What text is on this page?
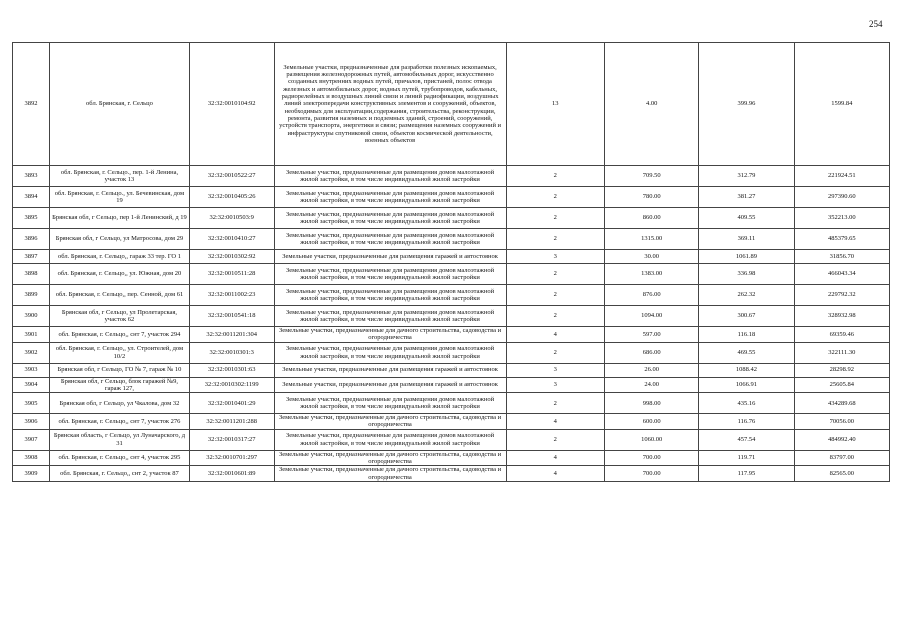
254
3892	обл. Брянская, г. Сельцо	32:32:0010104:92	Земельные участки, предназначенные для разработки полезных ископаемых, размещения железнодорожных путей, автомобильных дорог, искусственно созданных внутренних водных путей, причалов, пристаней, полос отвода железных и автомобильных дорог, водных путей, трубопроводов, кабельных, радиорелейных и воздушных линий связи и линий радиофикации, воздушных линий электропередачи конструктивных элементов и сооружений, объектов, необходимых для эксплуатации,содержания, строительства, реконструкции, ремонта, развития наземных и подземных зданий, строений, сооружений, устройств транспорта, энергетики и связи; размещения наземных сооружений и инфраструктуры спутниковой связи, объектов космической деятельности, военных объектов	13	4.00	399.96	1599.84
3893	обл. Брянская, г. Сельцо., пер. 1-й Ленина, участок 13	32:32:0010522:27	Земельные участки, предназначенные для размещения домов малоэтажной жилой застройки, в том числе индивидуальной жилой застройки	2	709.50	312.79	221924.51
3894	обл. Брянская, г. Сельцо., ул. Бечевинская, дом 19	32:32:0010405:26	Земельные участки, предназначенные для размещения домов малоэтажной жилой застройки, в том числе индивидуальной жилой застройки	2	780.00	381.27	297390.60
3895	Брянская обл, г Сельцо, пер 1-й Ленинский, д 19	32:32:0010503:9	Земельные участки, предназначенные для размещения домов малоэтажной жилой застройки, в том числе индивидуальной жилой застройки	2	860.00	409.55	352213.00
3896	Брянская обл, г Сельцо, ул Матросова, дом 29	32:32:0010410:27	Земельные участки, предназначенные для размещения домов малоэтажной жилой застройки, в том числе индивидуальной жилой застройки	2	1315.00	369.11	485379.65
3897	обл. Брянская, г. Сельцо,, гараж 33 тер. ГО 1	32:32:0010302:92	Земельные участки, предназначенные для размещения гаражей и автостоянок	3	30.00	1061.89	31856.70
3898	обл. Брянская, г. Сельцо,, ул. Южная, дом 20	32:32:0010511:28	Земельные участки, предназначенные для размещения домов малоэтажной жилой застройки, в том числе индивидуальной жилой застройки	2	1383.00	336.98	466043.34
3899	обл. Брянская, г. Сельцо,, пер. Сенной, дом 61	32:32:0011002:23	Земельные участки, предназначенные для размещения домов малоэтажной жилой застройки, в том числе индивидуальной жилой застройки	2	876.00	262.32	229792.32
3900	Брянская обл, г Сельцо, ул Пролетарская, участок 62	32:32:0010541:18	Земельные участки, предназначенные для размещения домов малоэтажной жилой застройки, в том числе индивидуальной жилой застройки	2	1094.00	300.67	328932.98
3901	обл. Брянская, г. Сельцо,, снт 7, участок 294	32:32:0011201:304	Земельные участки, предназначенные для дачного строительства, садоводства и огородничества	4	597.00	116.18	69359.46
3902	обл. Брянская, г. Сельцо,, ул. Строителей, дом 10/2	32:32:0010301:3	Земельные участки, предназначенные для размещения домов малоэтажной жилой застройки, в том числе индивидуальной жилой застройки	2	686.00	469.55	322111.30
3903	Брянская обл, г Сельцо, ГО № 7, гараж № 10	32:32:0010301:63	Земельные участки, предназначенные для размещения гаражей и автостоянок	3	26.00	1088.42	28298.92
3904	Брянская обл, г Сельцо, блок гаражей №9, гараж 127,	32:32:0010302:1199	Земельные участки, предназначенные для размещения гаражей и автостоянок	3	24.00	1066.91	25605.84
3905	Брянская обл, г Сельцо, ул Чкалова, дом 32	32:32:0010401:29	Земельные участки, предназначенные для размещения домов малоэтажной жилой застройки, в том числе индивидуальной жилой застройки	2	998.00	435.16	434289.68
3906	обл. Брянская, г. Сельцо,, снт 7, участок 276	32:32:0011201:288	Земельные участки, предназначенные для дачного строительства, садоводства и огородничества	4	600.00	116.76	70056.00
3907	Брянская область, г Сельцо, ул Луначарского, д 31	32:32:0010317:27	Земельные участки, предназначенные для размещения домов малоэтажной жилой застройки, в том числе индивидуальной жилой застройки	2	1060.00	457.54	484992.40
3908	обл. Брянская, г. Сельцо,, снт 4, участок 295	32:32:0010701:297	Земельные участки, предназначенные для дачного строительства, садоводства и огородничества	4	700.00	119.71	83797.00
3909	обл. Брянская, г. Сельцо,, снт 2, участок 87	32:32:0010601:89	Земельные участки, предназначенные для дачного строительства, садоводства и огородничества	4	700.00	117.95	82565.00
